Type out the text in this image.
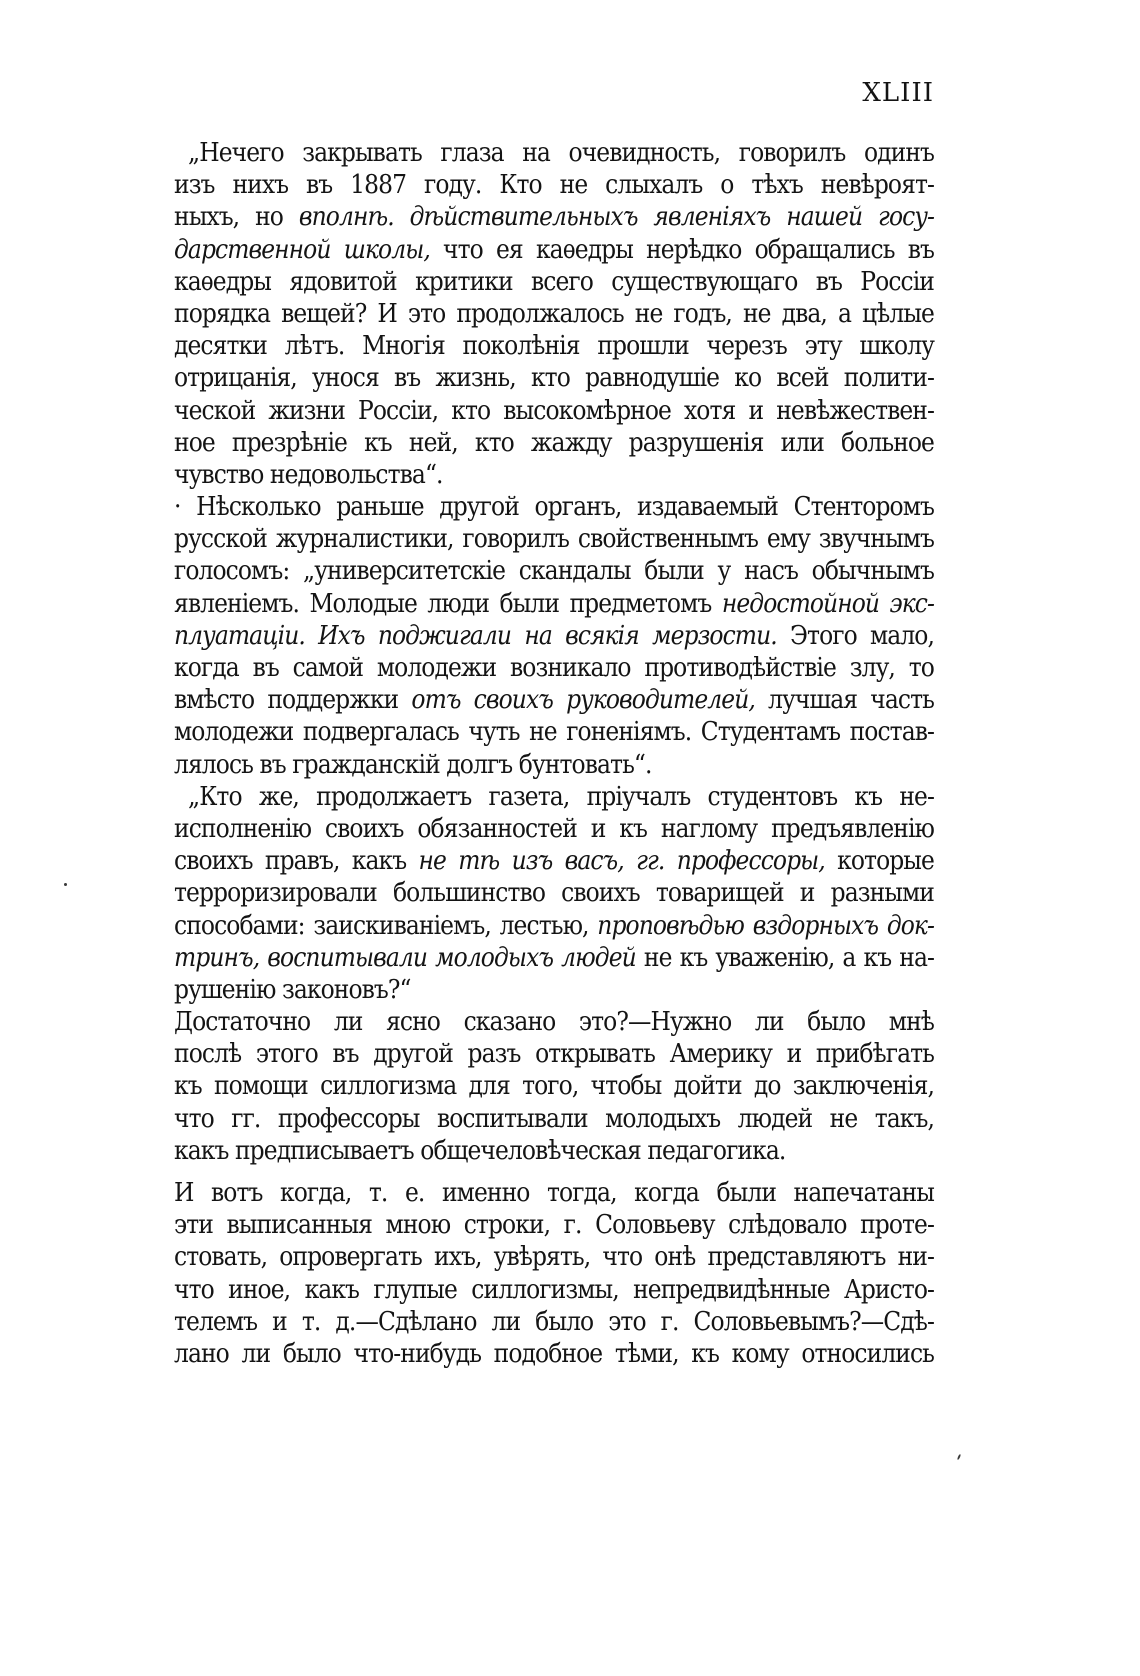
XLIII

„Нечего закрывать глаза на очевидность, говорилъ одинъ

изъ нихъ въ 1887 году. Кто не слыхалъ о тѣхъ невѣроят-

ныхъ, но вполнѣ. дѣйствительныхъ явленіяхъ нашей госу-

дарственной школы, что ея каѳедры нерѣдко обращались въ

каѳедры ядовитой критики всего существующаго въ Россіи

порядка вещей? И это продолжалось не годъ, не два, а цѣлые

десятки лѣтъ. Многія поколѣнія прошли черезъ эту школу

отрицанія, унося въ жизнь, кто равнодушіе ко всей полити-

ческой жизни Россіи, кто высокомѣрное хотя и невѣжествен-

ное презрѣніе къ ней, кто жажду разрушенія или больное

чувство недовольства“.

· Нѣсколько раньше другой органъ, издаваемый Стенторомъ

русской журналистики, говорилъ свойственнымъ ему звучнымъ

голосомъ: „университетскіе скандалы были у насъ обычнымъ

явленіемъ. Молодые люди были предметомъ недостойной экс-

плуатаціи. Ихъ поджигали на всякія мерзости. Этого мало,

когда въ самой молодежи возникало противодѣйствіе злу, то

вмѣсто поддержки отъ своихъ руководителей, лучшая часть

молодежи подвергалась чуть не гоненіямъ. Студентамъ постав-

лялось въ гражданскій долгъ бунтовать“.

„Кто же, продолжаетъ газета, пріучалъ студентовъ къ не-

исполненію своихъ обязанностей и къ наглому предъявленію

своихъ правъ, какъ не тѣ изъ васъ, гг. профессоры, которые

терроризировали большинство своихъ товарищей и разными

способами: заискиваніемъ, лестью, проповѣдью вздорныхъ док-

тринъ, воспитывали молодыхъ людей не къ уваженію, а къ на-

рушенію законовъ?“

Достаточно ли ясно сказано это?—Нужно ли было мнѣ

послѣ этого въ другой разъ открывать Америку и прибѣгать

къ помощи силлогизма для того, чтобы дойти до заключенія,

что гг. профессоры воспитывали молодыхъ людей не такъ,

какъ предписываетъ общечеловѣческая педагогика.

И вотъ когда, т. е. именно тогда, когда были напечатаны

эти выписанныя мною строки, г. Соловьеву слѣдовало проте-

стовать, опровергать ихъ, увѣрять, что онѣ представляютъ ни-

что иное, какъ глупые силлогизмы, непредвидѣнные Аристо-

телемъ и т. д.—Сдѣлано ли было это г. Соловьевымъ?—Сдѣ-

лано ли было что-нибудь подобное тѣми, къ кому относились
